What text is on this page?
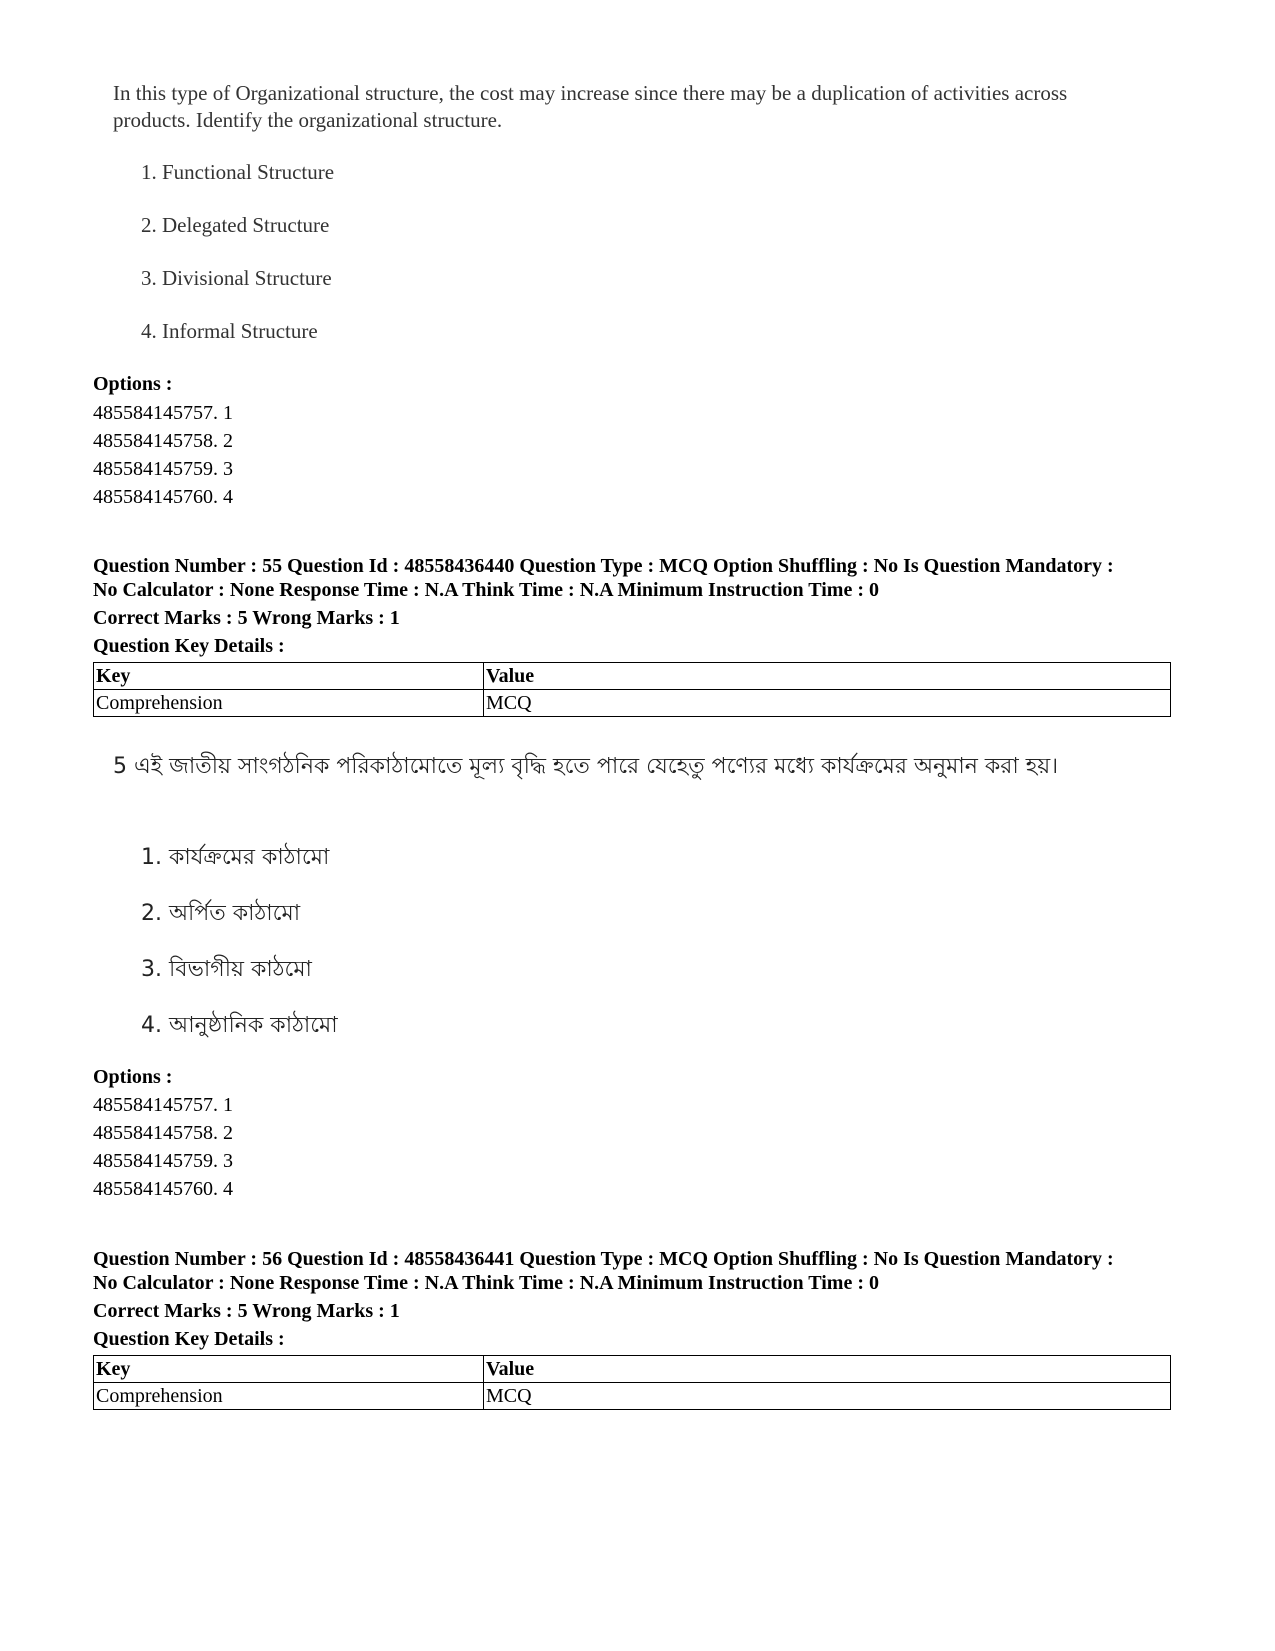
In this type of Organizational structure, the cost may increase since there may be a duplication of activities across products. Identify the organizational structure.

1. Functional Structure
2. Delegated Structure
3. Divisional Structure
4. Informal Structure
Options :
485584145757. 1
485584145758. 2
485584145759. 3
485584145760. 4
Question Number : 55 Question Id : 48558436440 Question Type : MCQ Option Shuffling : No Is Question Mandatory :
No Calculator : None Response Time : N.A Think Time : N.A Minimum Instruction Time : 0
Correct Marks : 5 Wrong Marks : 1
Question Key Details :
Key	Value
Comprehension	MCQ

5 এই জাতীয় সাংগঠনিক পরিকাঠামোতে মূল্য বৃদ্ধি হতে পারে যেহেতু পণ্যের মধ্যে কার্যক্রমের অনুমান করা হয়।

1. কার্যক্রমের কাঠামো
2. অর্পিত কাঠামো
3. বিভাগীয় কাঠমো
4. আনুষ্ঠানিক কাঠামো
Options :
485584145757. 1
485584145758. 2
485584145759. 3
485584145760. 4
Question Number : 56 Question Id : 48558436441 Question Type : MCQ Option Shuffling : No Is Question Mandatory :
No Calculator : None Response Time : N.A Think Time : N.A Minimum Instruction Time : 0
Correct Marks : 5 Wrong Marks : 1
Question Key Details :
Key	Value
Comprehension	MCQ
